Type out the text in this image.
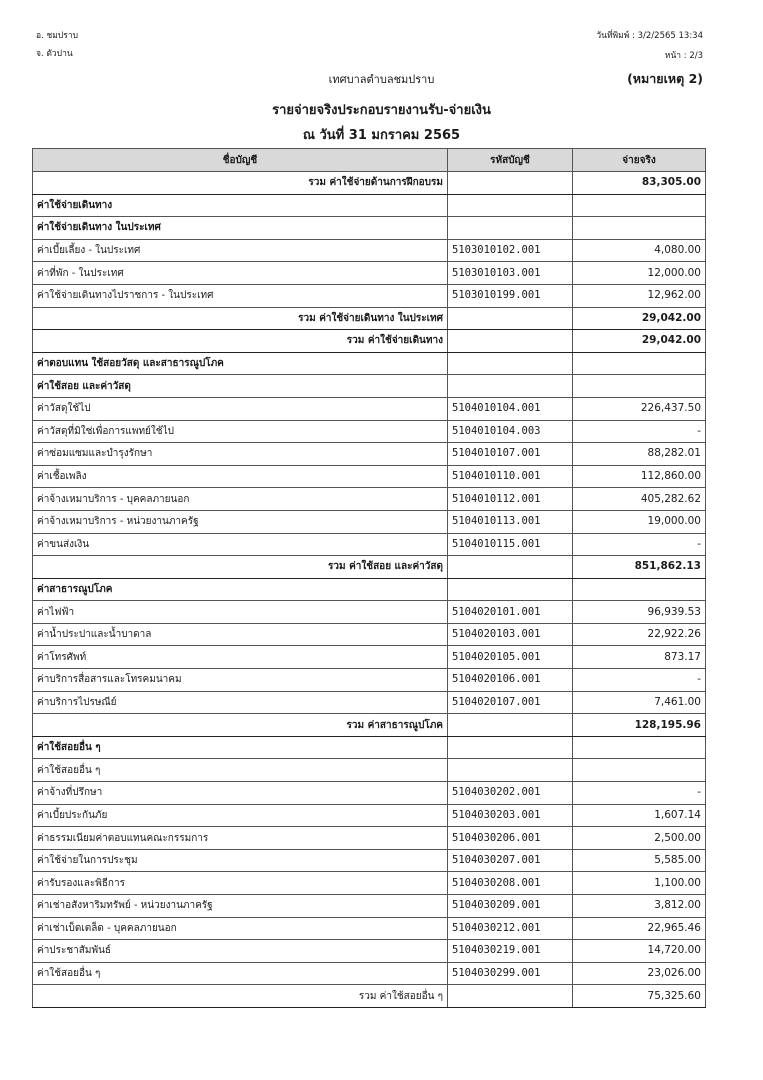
อ. ชมปราบ
จ. ตัวปาน
วันที่พิมพ์ : 3/2/2565 13:34
หน้า : 2/3
เทศบาลตำบลชมปราบ	(หมายเหตุ 2)
รายจ่ายจริงประกอบรายงานรับ-จ่ายเงิน
ณ วันที่ 31 มกราคม 2565
ชื่อบัญชี	รหัสบัญชี	จ่ายจริง
รวม ค่าใช้จ่ายด้านการฝึกอบรม		83,305.00
ค่าใช้จ่ายเดินทาง		
ค่าใช้จ่ายเดินทาง ในประเทศ		
ค่าเบี้ยเลี้ยง - ในประเทศ	5103010102.001	4,080.00
ค่าที่พัก - ในประเทศ	5103010103.001	12,000.00
ค่าใช้จ่ายเดินทางไปราชการ - ในประเทศ	5103010199.001	12,962.00
รวม ค่าใช้จ่ายเดินทาง ในประเทศ		29,042.00
รวม ค่าใช้จ่ายเดินทาง		29,042.00
ค่าตอบแทน ใช้สอยวัสดุ และสาธารณูปโภค		
ค่าใช้สอย และค่าวัสดุ		
ค่าวัสดุใช้ไป	5104010104.001	226,437.50
ค่าวัสดุที่มิใช่เพื่อการแพทย์ใช้ไป	5104010104.003	-
ค่าซ่อมแซมและบำรุงรักษา	5104010107.001	88,282.01
ค่าเชื้อเพลิง	5104010110.001	112,860.00
ค่าจ้างเหมาบริการ - บุคคลภายนอก	5104010112.001	405,282.62
ค่าจ้างเหมาบริการ - หน่วยงานภาครัฐ	5104010113.001	19,000.00
ค่าขนส่งเงิน	5104010115.001	-
รวม ค่าใช้สอย และค่าวัสดุ		851,862.13
ค่าสาธารณูปโภค		
ค่าไฟฟ้า	5104020101.001	96,939.53
ค่าน้ำประปาและน้ำบาดาล	5104020103.001	22,922.26
ค่าโทรศัพท์	5104020105.001	873.17
ค่าบริการสื่อสารและโทรคมนาคม	5104020106.001	-
ค่าบริการไปรษณีย์	5104020107.001	7,461.00
รวม ค่าสาธารณูปโภค		128,195.96
ค่าใช้สอยอื่น ๆ		
ค่าใช้สอยอื่น ๆ		
ค่าจ้างที่ปรึกษา	5104030202.001	-
ค่าเบี้ยประกันภัย	5104030203.001	1,607.14
ค่าธรรมเนียมค่าตอบแทนคณะกรรมการ	5104030206.001	2,500.00
ค่าใช้จ่ายในการประชุม	5104030207.001	5,585.00
ค่ารับรองและพิธีการ	5104030208.001	1,100.00
ค่าเช่าอสังหาริมทรัพย์ - หน่วยงานภาครัฐ	5104030209.001	3,812.00
ค่าเช่าเบ็ดเตล็ด - บุคคลภายนอก	5104030212.001	22,965.46
ค่าประชาสัมพันธ์	5104030219.001	14,720.00
ค่าใช้สอยอื่น ๆ	5104030299.001	23,026.00
รวม ค่าใช้สอยอื่น ๆ		75,325.60
